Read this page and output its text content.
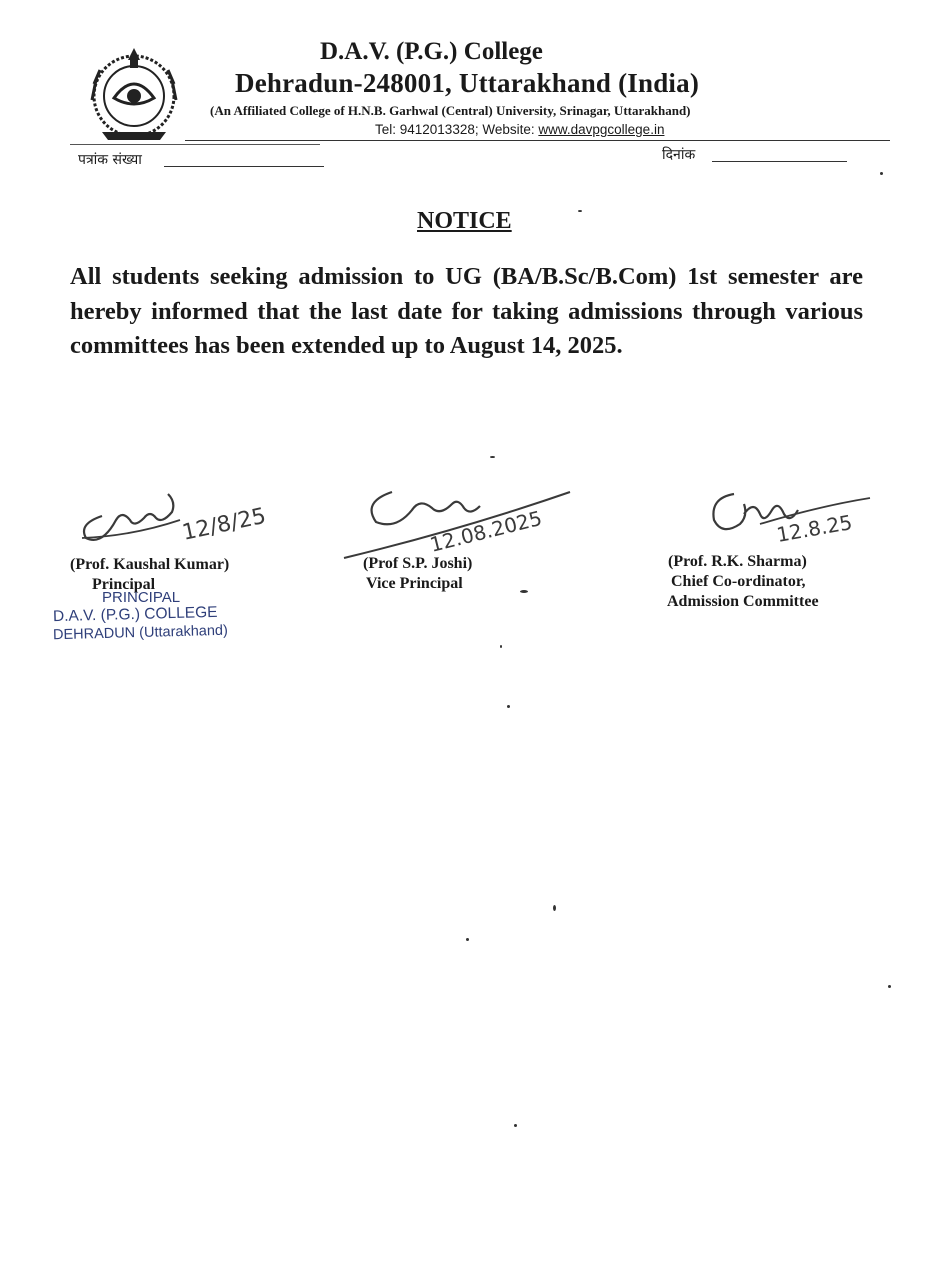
D.A.V. (P.G.) College
Dehradun-248001, Uttarakhand (India)
(An Affiliated College of H.N.B. Garhwal (Central) University, Srinagar, Uttarakhand)
Tel: 9412013328; Website: www.davpgcollege.in
पत्रांक संख्या	दिनांक
NOTICE
All students seeking admission to UG (BA/B.Sc/B.Com) 1st semester are hereby informed that the last date for taking admissions through various committees has been extended up to August 14, 2025.
12/8/25
(Prof. Kaushal Kumar)
Principal
PRINCIPAL
D.A.V. (P.G.) COLLEGE
DEHRADUN (Uttarakhand)
12.08.2025
(Prof S.P. Joshi)
Vice Principal
12.8.25
(Prof. R.K. Sharma)
Chief Co-ordinator,
Admission Committee
